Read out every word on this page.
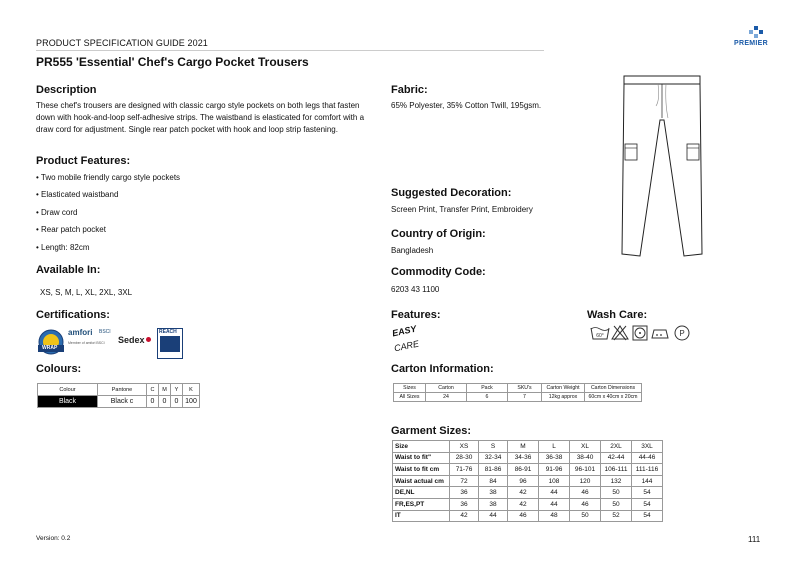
PRODUCT SPECIFICATION GUIDE 2021
PR555 'Essential' Chef's Cargo Pocket Trousers
PREMIER
Description
These chef's trousers are designed with classic cargo style pockets on both legs that fasten down with hook-and-loop self-adhesive strips. The waistband is elasticated for comfort with a draw cord for adjustment. Single rear patch pocket with hook and loop strip fastening.
Product Features:
• Two mobile friendly cargo style pockets
• Elasticated waistband
• Draw cord
• Rear patch pocket
• Length: 82cm
Available In:
XS, S, M, L, XL, 2XL, 3XL
Certifications:
WRAP
amfori BSCI
Member of amfori BSCI	Sedex
REACH
Colours:
Colour	Pantone	C	M	Y	K
Black	Black c	0	0	0	100
Fabric:
65% Polyester, 35% Cotton Twill, 195gsm.
Suggested Decoration:
Screen Print, Transfer Print, Embroidery
Country of Origin:
Bangladesh
Commodity Code:
6203 43 1100
Features:
EASY
CARE
Wash Care:
60°	P
Carton Information:
Sizes	Carton	Pack	SKU's	Carton Weight	Carton Dimensions
All Sizes	24	6	7	12kg approx	60cm x 40cm x 20cm
Garment Sizes:
Size	XS	S	M	L	XL	2XL	3XL
Waist to fit"	28-30	32-34	34-36	36-38	38-40	42-44	44-46
Waist to fit cm	71-76	81-86	86-91	91-96	96-101	106-111	111-116
Waist actual cm	72	84	96	108	120	132	144
DE,NL	36	38	42	44	46	50	54
FR,ES,PT	36	38	42	44	46	50	54
IT	42	44	46	48	50	52	54
Version: 0.2	111
